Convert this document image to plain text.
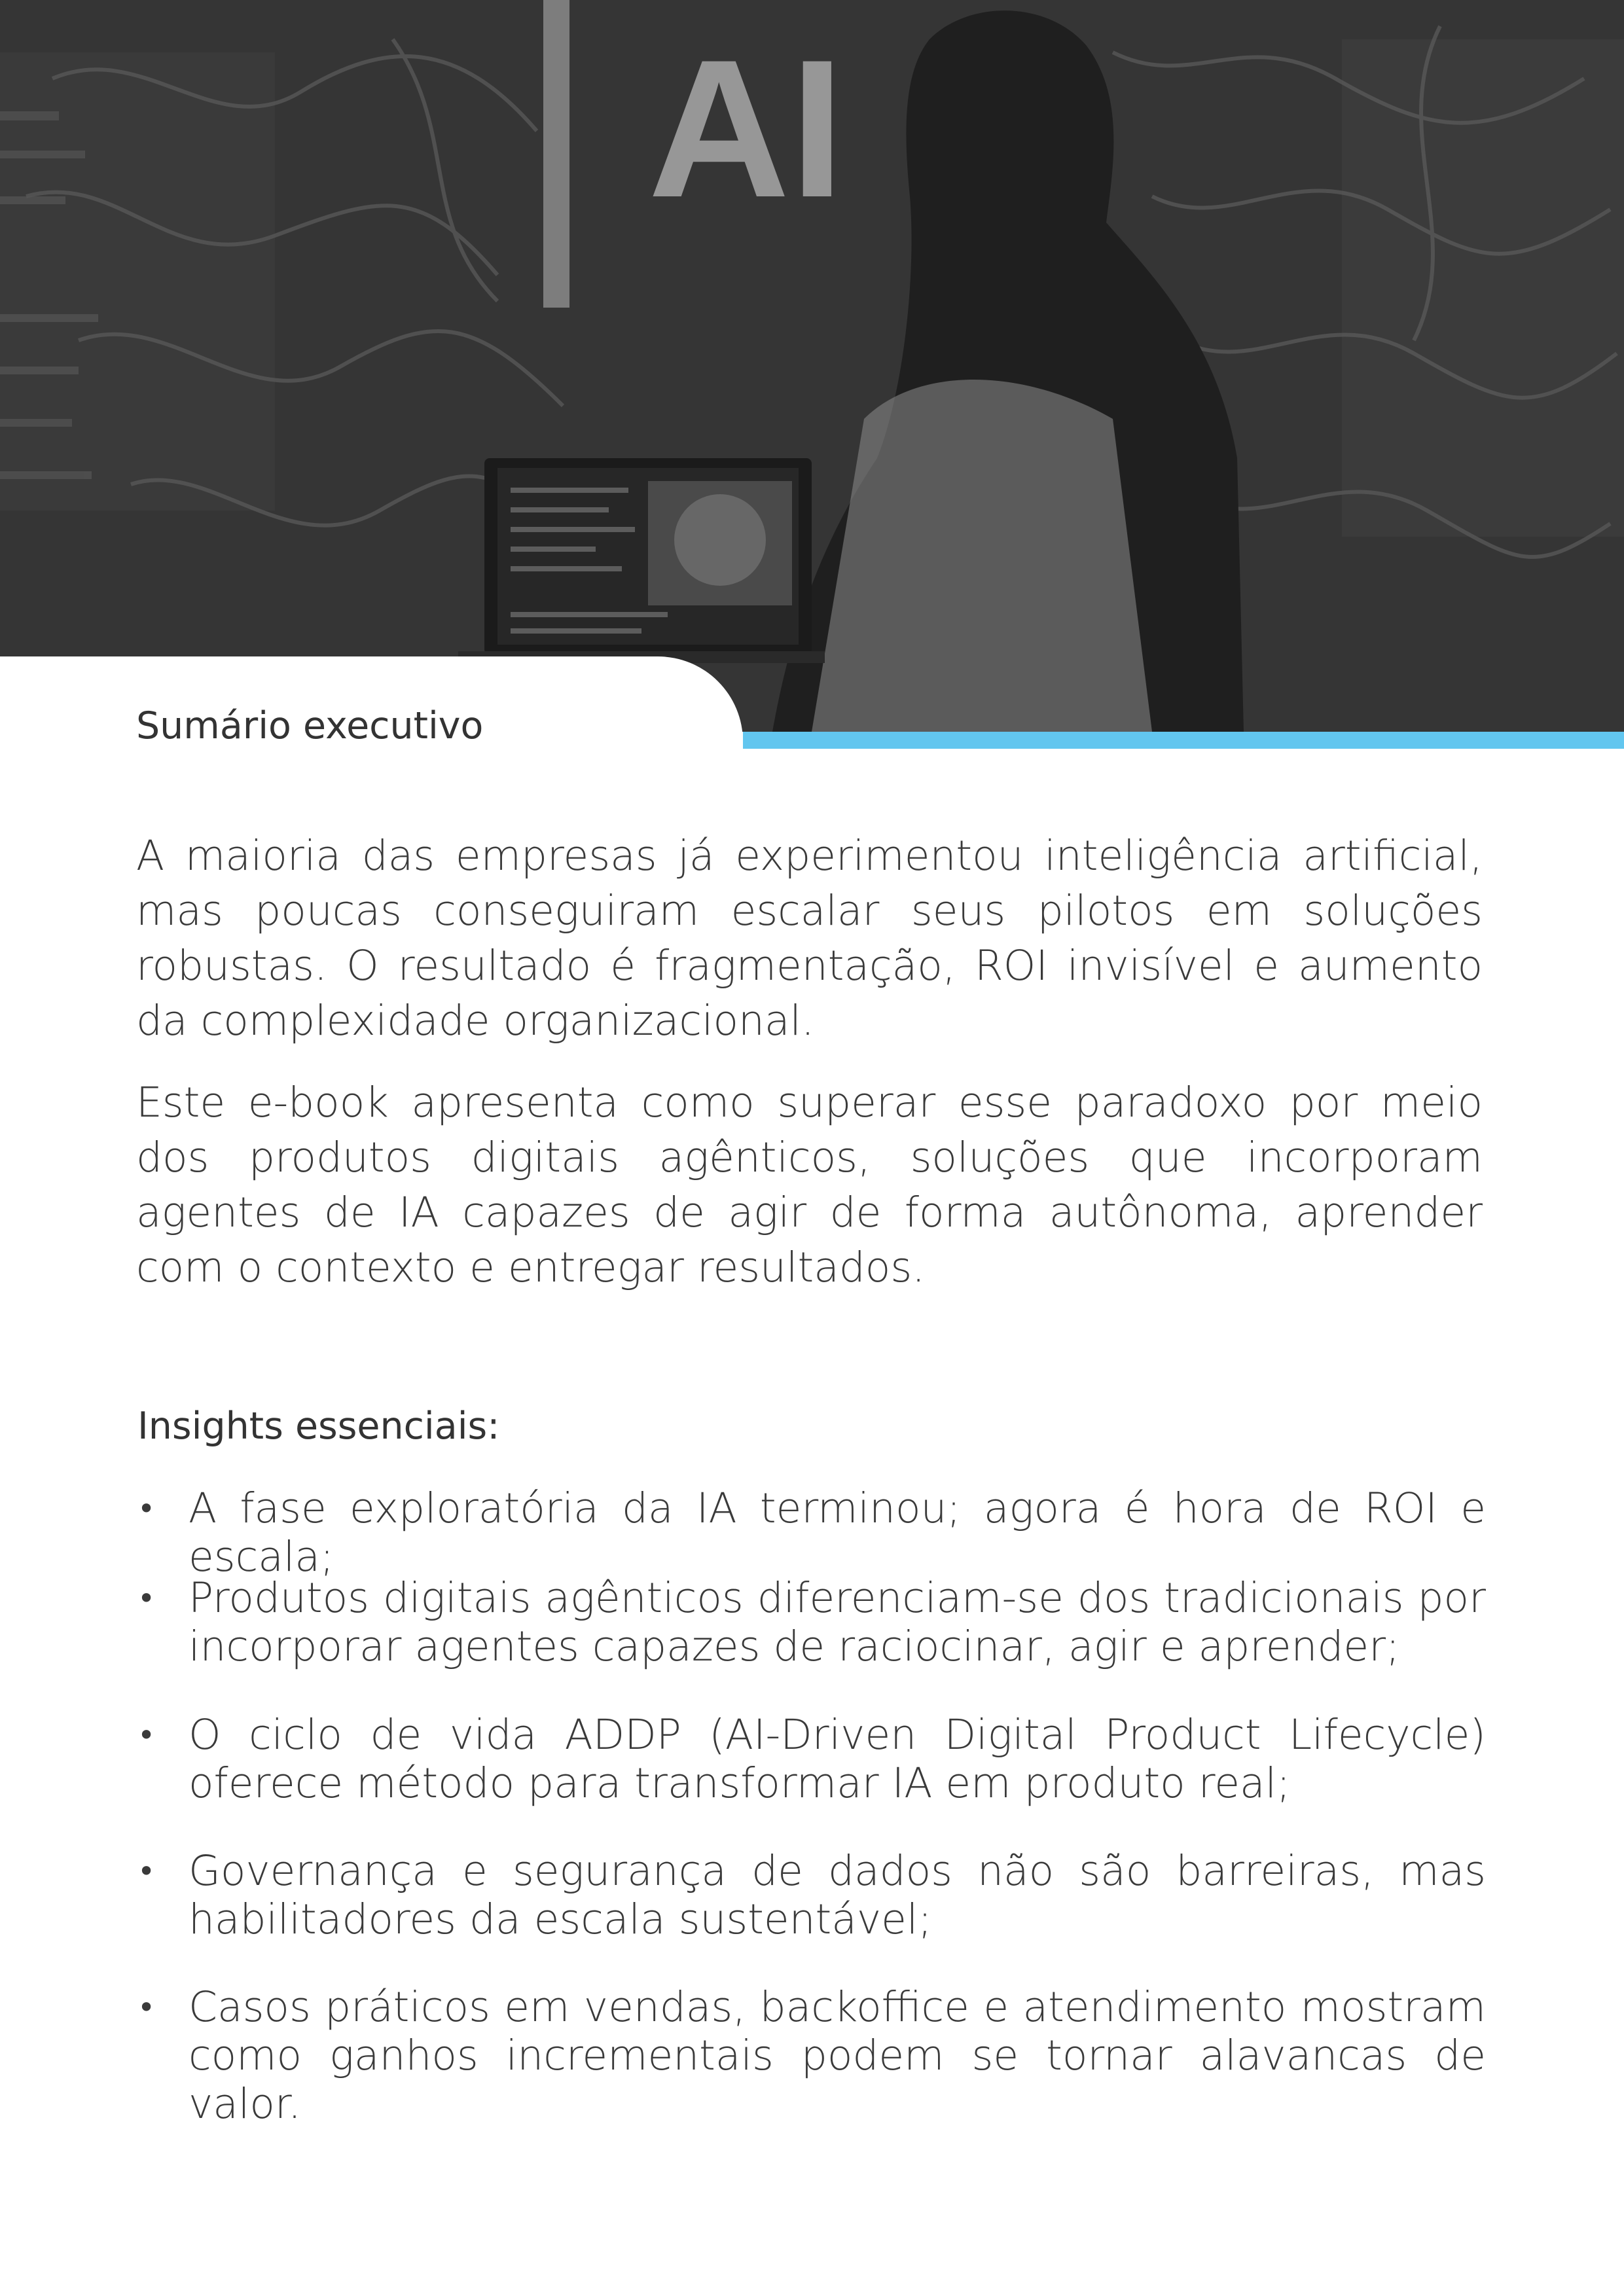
AI
Sumário executivo

A maioria das empresas já experimentou inteligência artificial, mas poucas conseguiram escalar seus pilotos em soluções robustas. O resultado é fragmentação, ROI invisível e aumento da complexidade organizacional.

Este e-book apresenta como superar esse paradoxo por meio dos produtos digitais agênticos, soluções que incorporam agentes de IA capazes de agir de forma autônoma, aprender com o contexto e entregar resultados.

Insights essenciais:
• A fase exploratória da IA terminou; agora é hora de ROI e escala;

• Produtos digitais agênticos diferenciam-se dos tradicionais por incorporar agentes capazes de raciocinar, agir e aprender;

• O ciclo de vida ADDP (AI-Driven Digital Product Lifecycle) oferece método para transformar IA em produto real;

• Governança e segurança de dados não são barreiras, mas habilitadores da escala sustentável;

• Casos práticos em vendas, backoffice e atendimento mostram como ganhos incrementais podem se tornar alavancas de valor.
